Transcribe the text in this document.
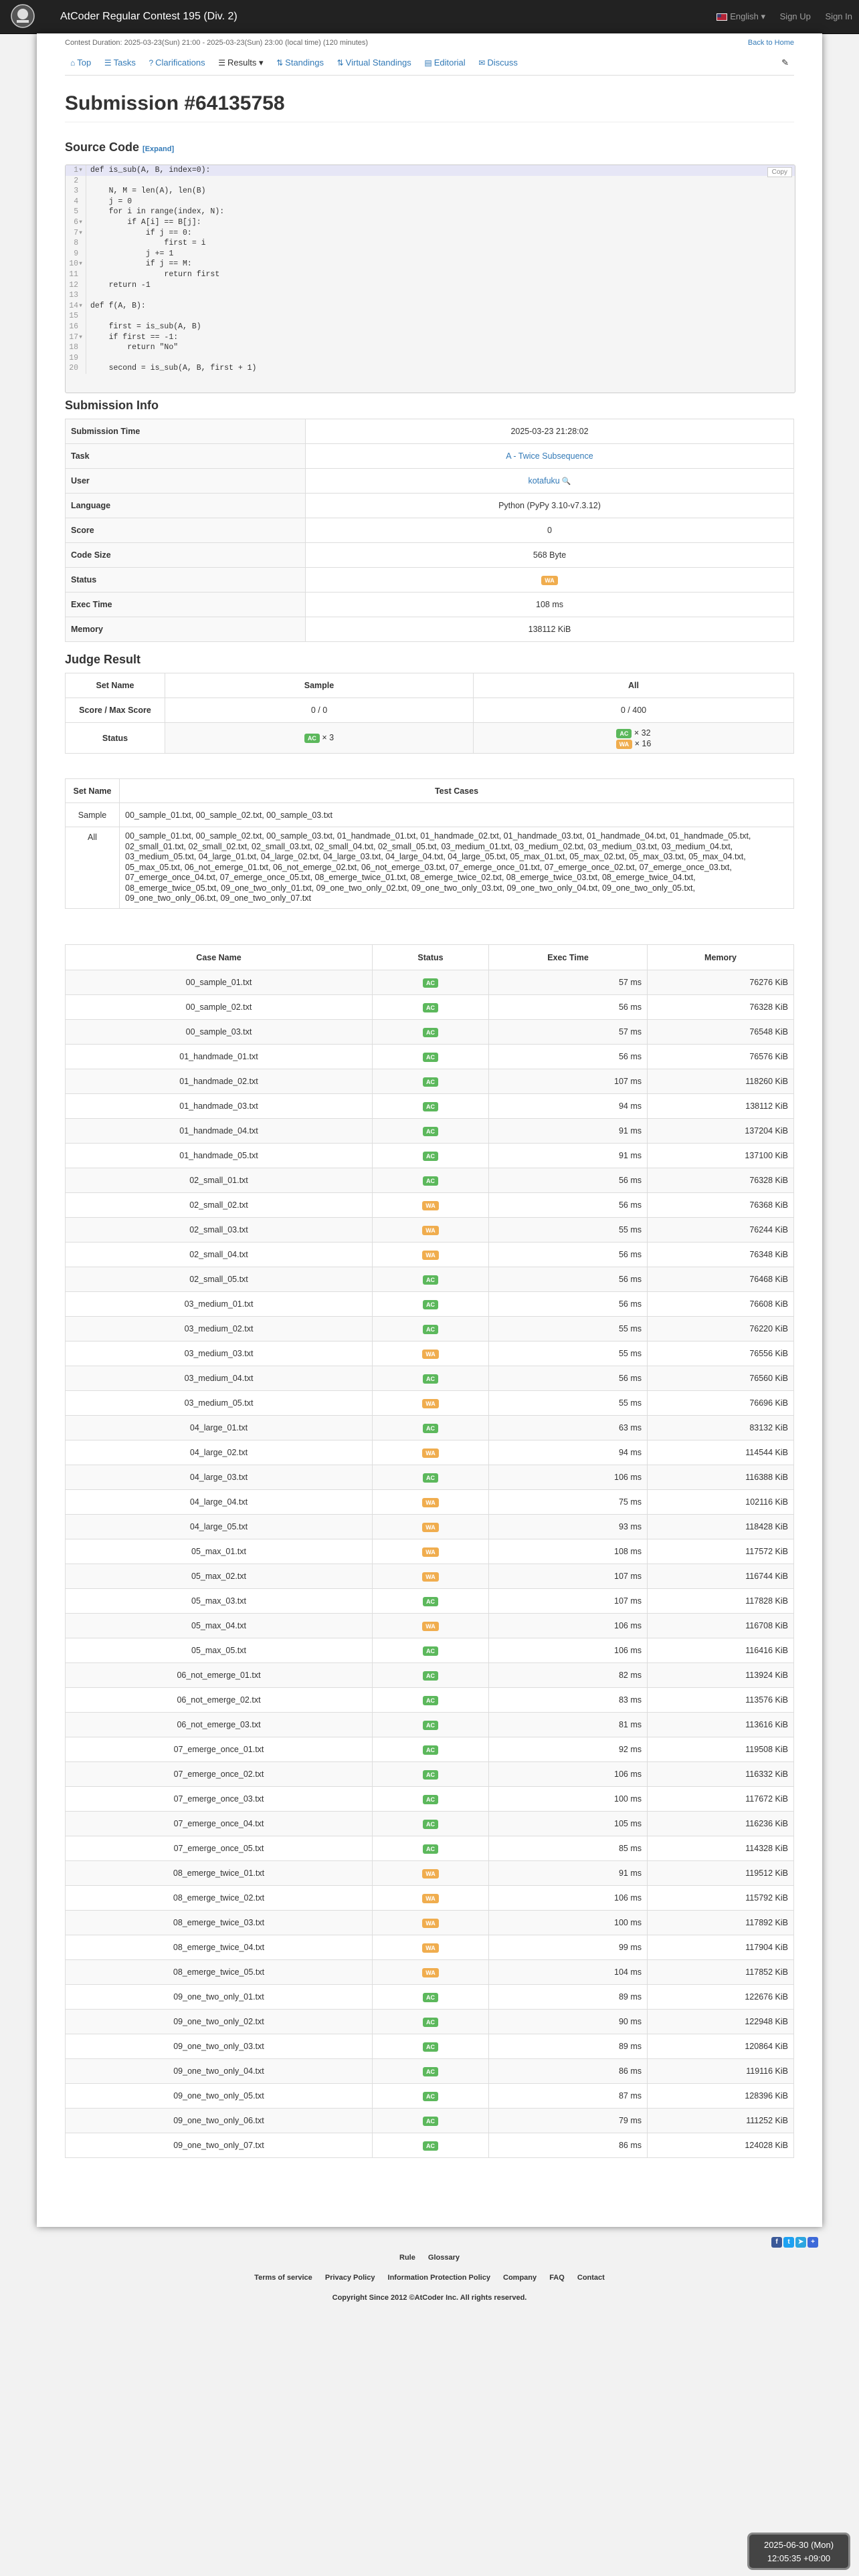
AtCoder Regular Contest 195 (Div. 2)	English ▾ Sign Up Sign In
Contest Duration: 2025-03-23(Sun) 21:00 - 2025-03-23(Sun) 23:00 (local time) (120 minutes)	Back to Home
⌂ Top ☰ Tasks ? Clarifications ☰ Results ▾ ⇅ Standings ⇅ Virtual Standings ▤ Editorial ✉ Discuss	✎
Submission #64135758
Source Code [Expand]
Copy
1▾ def is_sub(A, B, index=0):
2
3     N, M = len(A), len(B)
4     j = 0
5     for i in range(index, N):
6▾        if A[i] == B[j]:
7▾            if j == 0:
8                 first = i
9             j += 1
10▾            if j == M:
11                 return first
12     return -1
13
14▾ def f(A, B):
15
16     first = is_sub(A, B)
17▾    if first == -1:
18         return "No"
19
20     second = is_sub(A, B, first + 1)
Submission Info
Submission Time	2025-03-23 21:28:02
Task	A - Twice Subsequence
User	kotafuku 🔍
Language	Python (PyPy 3.10-v7.3.12)
Score	0
Code Size	568 Byte
Status	WA
Exec Time	108 ms
Memory	138112 KiB
Judge Result
Set Name	Sample	All
Score / Max Score	0 / 0	0 / 400
Status	AC × 3	AC × 32
WA × 16
Set Name	Test Cases
Sample	00_sample_01.txt, 00_sample_02.txt, 00_sample_03.txt
All	00_sample_01.txt, 00_sample_02.txt, 00_sample_03.txt, 01_handmade_01.txt, 01_handmade_02.txt, 01_handmade_03.txt, 01_handmade_04.txt, 01_handmade_05.txt, 02_small_01.txt, 02_small_02.txt, 02_small_03.txt, 02_small_04.txt, 02_small_05.txt, 03_medium_01.txt, 03_medium_02.txt, 03_medium_03.txt, 03_medium_04.txt, 03_medium_05.txt, 04_large_01.txt, 04_large_02.txt, 04_large_03.txt, 04_large_04.txt, 04_large_05.txt, 05_max_01.txt, 05_max_02.txt, 05_max_03.txt, 05_max_04.txt, 05_max_05.txt, 06_not_emerge_01.txt, 06_not_emerge_02.txt, 06_not_emerge_03.txt, 07_emerge_once_01.txt, 07_emerge_once_02.txt, 07_emerge_once_03.txt, 07_emerge_once_04.txt, 07_emerge_once_05.txt, 08_emerge_twice_01.txt, 08_emerge_twice_02.txt, 08_emerge_twice_03.txt, 08_emerge_twice_04.txt, 08_emerge_twice_05.txt, 09_one_two_only_01.txt, 09_one_two_only_02.txt, 09_one_two_only_03.txt, 09_one_two_only_04.txt, 09_one_two_only_05.txt, 09_one_two_only_06.txt, 09_one_two_only_07.txt
Case Name	Status	Exec Time	Memory
00_sample_01.txt	AC	57 ms	76276 KiB
00_sample_02.txt	AC	56 ms	76328 KiB
00_sample_03.txt	AC	57 ms	76548 KiB
01_handmade_01.txt	AC	56 ms	76576 KiB
01_handmade_02.txt	AC	107 ms	118260 KiB
01_handmade_03.txt	AC	94 ms	138112 KiB
01_handmade_04.txt	AC	91 ms	137204 KiB
01_handmade_05.txt	AC	91 ms	137100 KiB
02_small_01.txt	AC	56 ms	76328 KiB
02_small_02.txt	WA	56 ms	76368 KiB
02_small_03.txt	WA	55 ms	76244 KiB
02_small_04.txt	WA	56 ms	76348 KiB
02_small_05.txt	AC	56 ms	76468 KiB
03_medium_01.txt	AC	56 ms	76608 KiB
03_medium_02.txt	AC	55 ms	76220 KiB
03_medium_03.txt	WA	55 ms	76556 KiB
03_medium_04.txt	AC	56 ms	76560 KiB
03_medium_05.txt	WA	55 ms	76696 KiB
04_large_01.txt	AC	63 ms	83132 KiB
04_large_02.txt	WA	94 ms	114544 KiB
04_large_03.txt	AC	106 ms	116388 KiB
04_large_04.txt	WA	75 ms	102116 KiB
04_large_05.txt	WA	93 ms	118428 KiB
05_max_01.txt	WA	108 ms	117572 KiB
05_max_02.txt	WA	107 ms	116744 KiB
05_max_03.txt	AC	107 ms	117828 KiB
05_max_04.txt	WA	106 ms	116708 KiB
05_max_05.txt	AC	106 ms	116416 KiB
06_not_emerge_01.txt	AC	82 ms	113924 KiB
06_not_emerge_02.txt	AC	83 ms	113576 KiB
06_not_emerge_03.txt	AC	81 ms	113616 KiB
07_emerge_once_01.txt	AC	92 ms	119508 KiB
07_emerge_once_02.txt	AC	106 ms	116332 KiB
07_emerge_once_03.txt	AC	100 ms	117672 KiB
07_emerge_once_04.txt	AC	105 ms	116236 KiB
07_emerge_once_05.txt	AC	85 ms	114328 KiB
08_emerge_twice_01.txt	WA	91 ms	119512 KiB
08_emerge_twice_02.txt	WA	106 ms	115792 KiB
08_emerge_twice_03.txt	WA	100 ms	117892 KiB
08_emerge_twice_04.txt	WA	99 ms	117904 KiB
08_emerge_twice_05.txt	WA	104 ms	117852 KiB
09_one_two_only_01.txt	AC	89 ms	122676 KiB
09_one_two_only_02.txt	AC	90 ms	122948 KiB
09_one_two_only_03.txt	AC	89 ms	120864 KiB
09_one_two_only_04.txt	AC	86 ms	119116 KiB
09_one_two_only_05.txt	AC	87 ms	128396 KiB
09_one_two_only_06.txt	AC	79 ms	111252 KiB
09_one_two_only_07.txt	AC	86 ms	124028 KiB
f t ➤ +
Rule Glossary
Terms of service Privacy Policy Information Protection Policy Company FAQ Contact
Copyright Since 2012 ©AtCoder Inc. All rights reserved.
2025-06-30 (Mon)
12:05:35 +09:00
